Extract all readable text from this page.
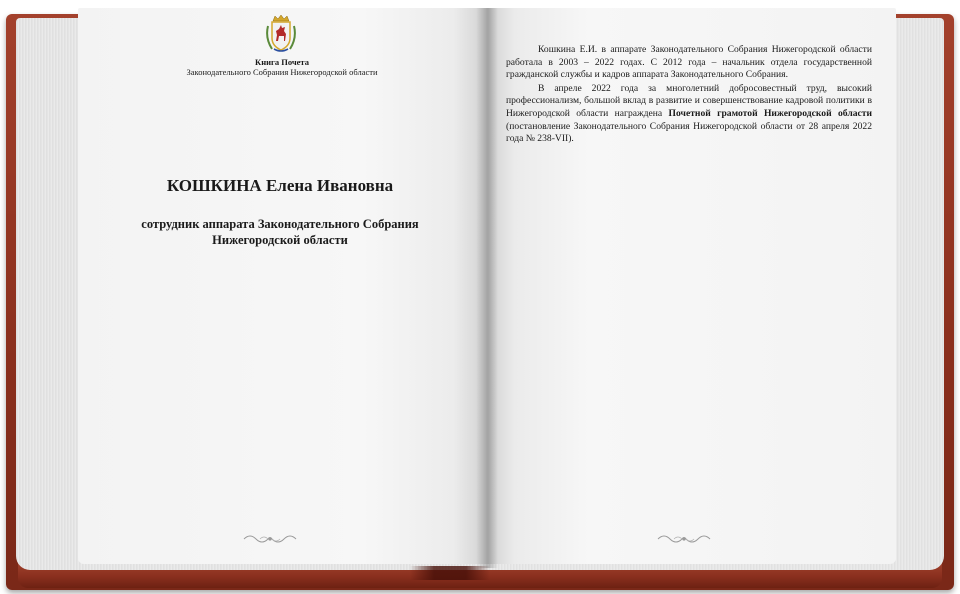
Книга Почета
Законодательного Собрания Нижегородской области
КОШКИНА Елена Ивановна
сотрудник аппарата Законодательного Собрания
Нижегородской области

Кошкина Е.И. в аппарате Законодательного Собрания Нижегородской области работала в 2003 – 2022 годах. С 2012 года – начальник отдела государственной гражданской службы и кадров аппарата Законодательного Собрания.

В апреле 2022 года за многолетний добросовестный труд, высокий профессионализм, большой вклад в развитие и совершенствование кадровой политики в Нижегородской области награждена Почетной грамотой Нижегородской области (постановление Законодательного Собрания Нижегородской области от 28 апреля 2022 года № 238-VII).
